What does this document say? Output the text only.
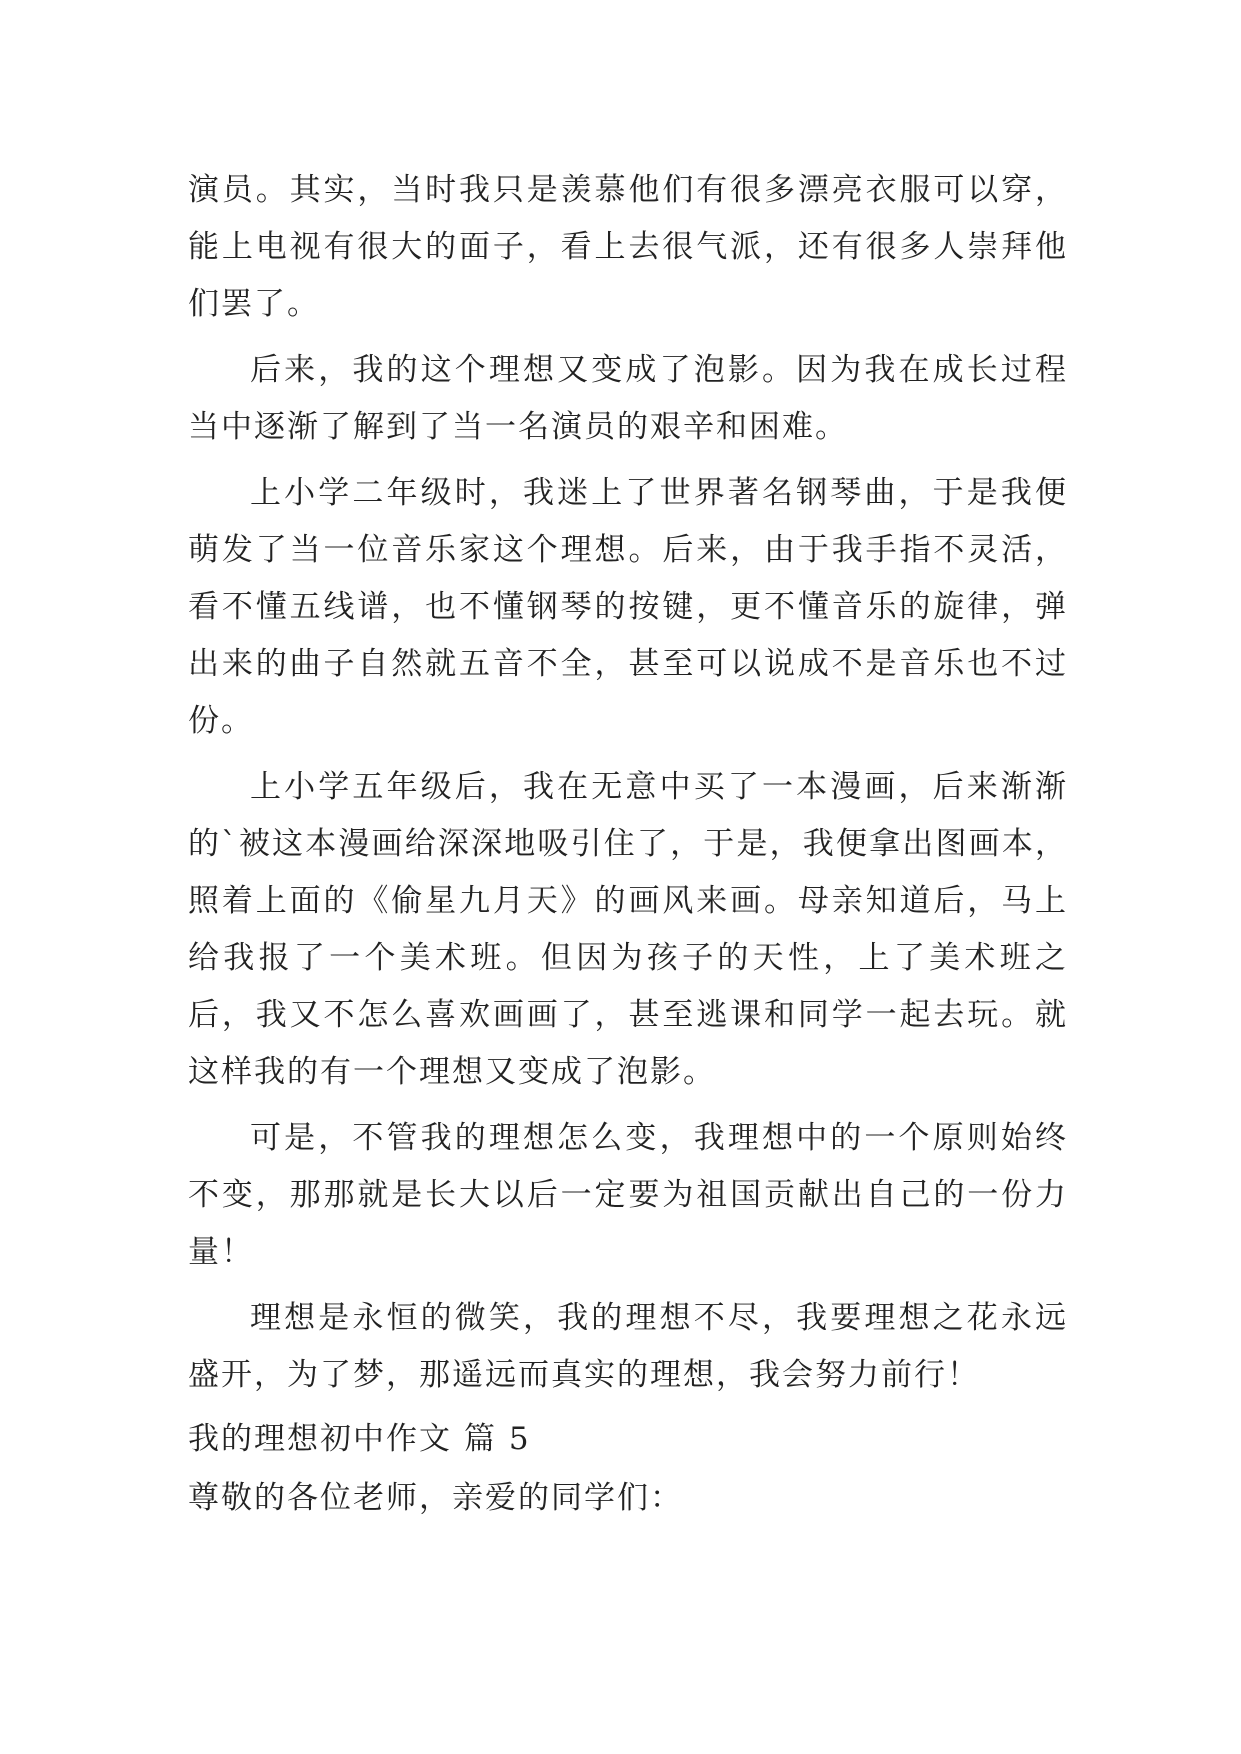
演员。其实，当时我只是羡慕他们有很多漂亮衣服可以穿，能上电视有很大的面子，看上去很气派，还有很多人崇拜他们罢了。

后来，我的这个理想又变成了泡影。因为我在成长过程当中逐渐了解到了当一名演员的艰辛和困难。

上小学二年级时，我迷上了世界著名钢琴曲，于是我便萌发了当一位音乐家这个理想。后来，由于我手指不灵活，看不懂五线谱，也不懂钢琴的按键，更不懂音乐的旋律，弹出来的曲子自然就五音不全，甚至可以说成不是音乐也不过份。

上小学五年级后，我在无意中买了一本漫画，后来渐渐的`被这本漫画给深深地吸引住了，于是，我便拿出图画本，照着上面的《偷星九月天》的画风来画。母亲知道后，马上给我报了一个美术班。但因为孩子的天性，上了美术班之后，我又不怎么喜欢画画了，甚至逃课和同学一起去玩。就这样我的有一个理想又变成了泡影。

可是，不管我的理想怎么变，我理想中的一个原则始终不变，那那就是长大以后一定要为祖国贡献出自己的一份力量！

理想是永恒的微笑，我的理想不尽，我要理想之花永远盛开，为了梦，那遥远而真实的理想，我会努力前行！

我的理想初中作文 篇 5
尊敬的各位老师，亲爱的同学们：
